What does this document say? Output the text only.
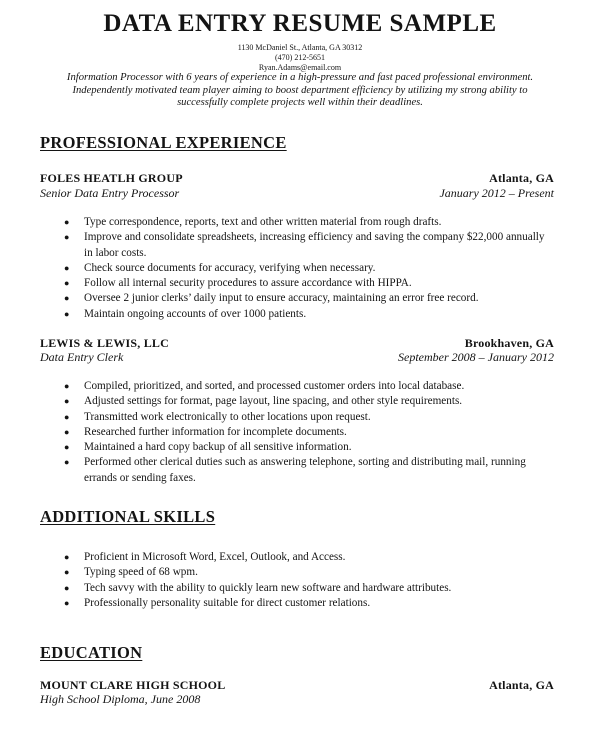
DATA ENTRY RESUME SAMPLE
1130 McDaniel St., Atlanta, GA 30312
(470) 212-5651
Ryan.Adams@email.com
Information Processor with 6 years of experience in a high-pressure and fast paced professional environment. Independently motivated team player aiming to boost department efficiency by utilizing my strong ability to successfully complete projects well within their deadlines.
PROFESSIONAL EXPERIENCE
FOLES HEATLH GROUP	Atlanta, GA
Senior Data Entry Processor	January 2012 – Present
● Type correspondence, reports, text and other written material from rough drafts.
● Improve and consolidate spreadsheets, increasing efficiency and saving the company $22,000 annually in labor costs.
● Check source documents for accuracy, verifying when necessary.
● Follow all internal security procedures to assure accordance with HIPPA.
● Oversee 2 junior clerks’ daily input to ensure accuracy, maintaining an error free record.
● Maintain ongoing accounts of over 1000 patients.
LEWIS & LEWIS, LLC	Brookhaven, GA
Data Entry Clerk	September 2008 – January 2012
● Compiled, prioritized, and sorted, and processed customer orders into local database.
● Adjusted settings for format, page layout, line spacing, and other style requirements.
● Transmitted work electronically to other locations upon request.
● Researched further information for incomplete documents.
● Maintained a hard copy backup of all sensitive information.
● Performed other clerical duties such as answering telephone, sorting and distributing mail, running errands or sending faxes.
ADDITIONAL SKILLS
● Proficient in Microsoft Word, Excel, Outlook, and Access.
● Typing speed of 68 wpm.
● Tech savvy with the ability to quickly learn new software and hardware attributes.
● Professionally personality suitable for direct customer relations.
EDUCATION
MOUNT CLARE HIGH SCHOOL	Atlanta, GA
High School Diploma, June 2008
